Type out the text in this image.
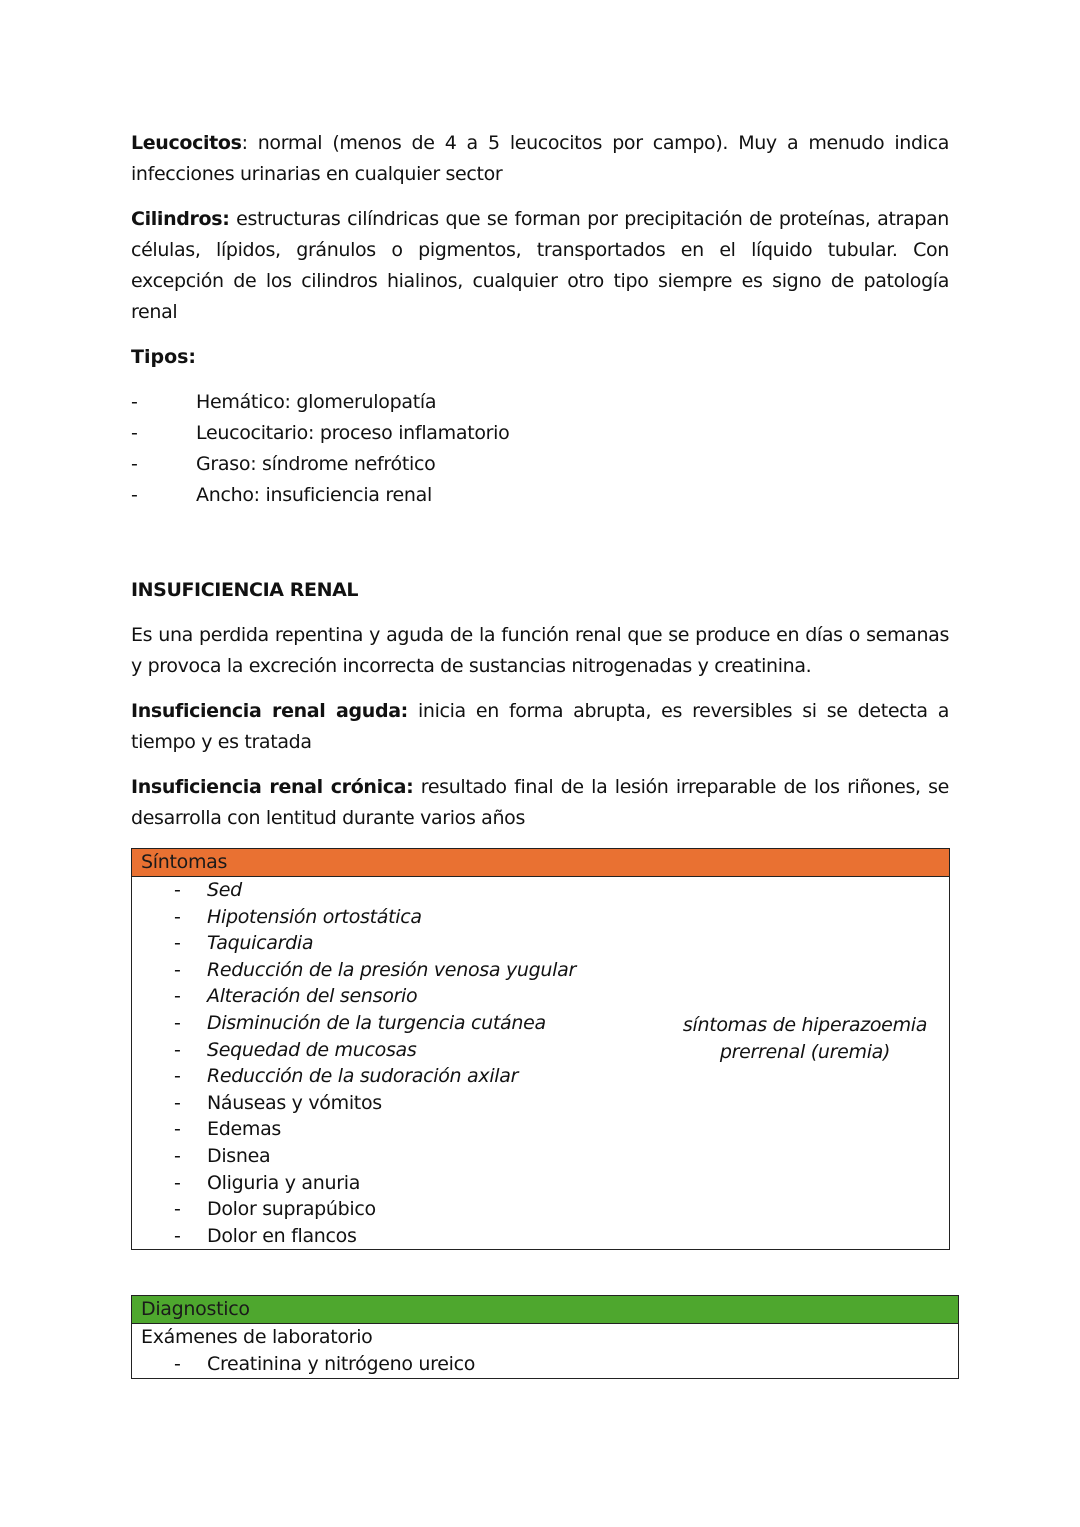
Leucocitos: normal (menos de 4 a 5 leucocitos por campo). Muy a menudo indica infecciones urinarias en cualquier sector

Cilindros: estructuras cilíndricas que se forman por precipitación de proteínas, atrapan células, lípidos, gránulos o pigmentos, transportados en el líquido tubular. Con excepción de los cilindros hialinos, cualquier otro tipo siempre es signo de patología renal

Tipos:
-	Hemático: glomerulopatía
-	Leucocitario: proceso inflamatorio
-	Graso: síndrome nefrótico
-	Ancho: insuficiencia renal
INSUFICIENCIA RENAL

Es una perdida repentina y aguda de la función renal que se produce en días o semanas y provoca la excreción incorrecta de sustancias nitrogenadas y creatinina.

Insuficiencia renal aguda: inicia en forma abrupta, es reversibles si se detecta a tiempo y es tratada

Insuficiencia renal crónica: resultado final de la lesión irreparable de los riñones, se desarrolla con lentitud durante varios años

Síntomas
- Sed
- Hipotensión ortostática
- Taquicardia
- Reducción de la presión venosa yugular
- Alteración del sensorio
- Disminución de la turgencia cutánea
- Sequedad de mucosas
- Reducción de la sudoración axilar
- Náuseas y vómitos
- Edemas
- Disnea
- Oliguria y anuria
- Dolor suprapúbico
- Dolor en flancos
síntomas de hiperazoemia
prerrenal (uremia)
Diagnostico
Exámenes de laboratorio
- Creatinina y nitrógeno ureico
